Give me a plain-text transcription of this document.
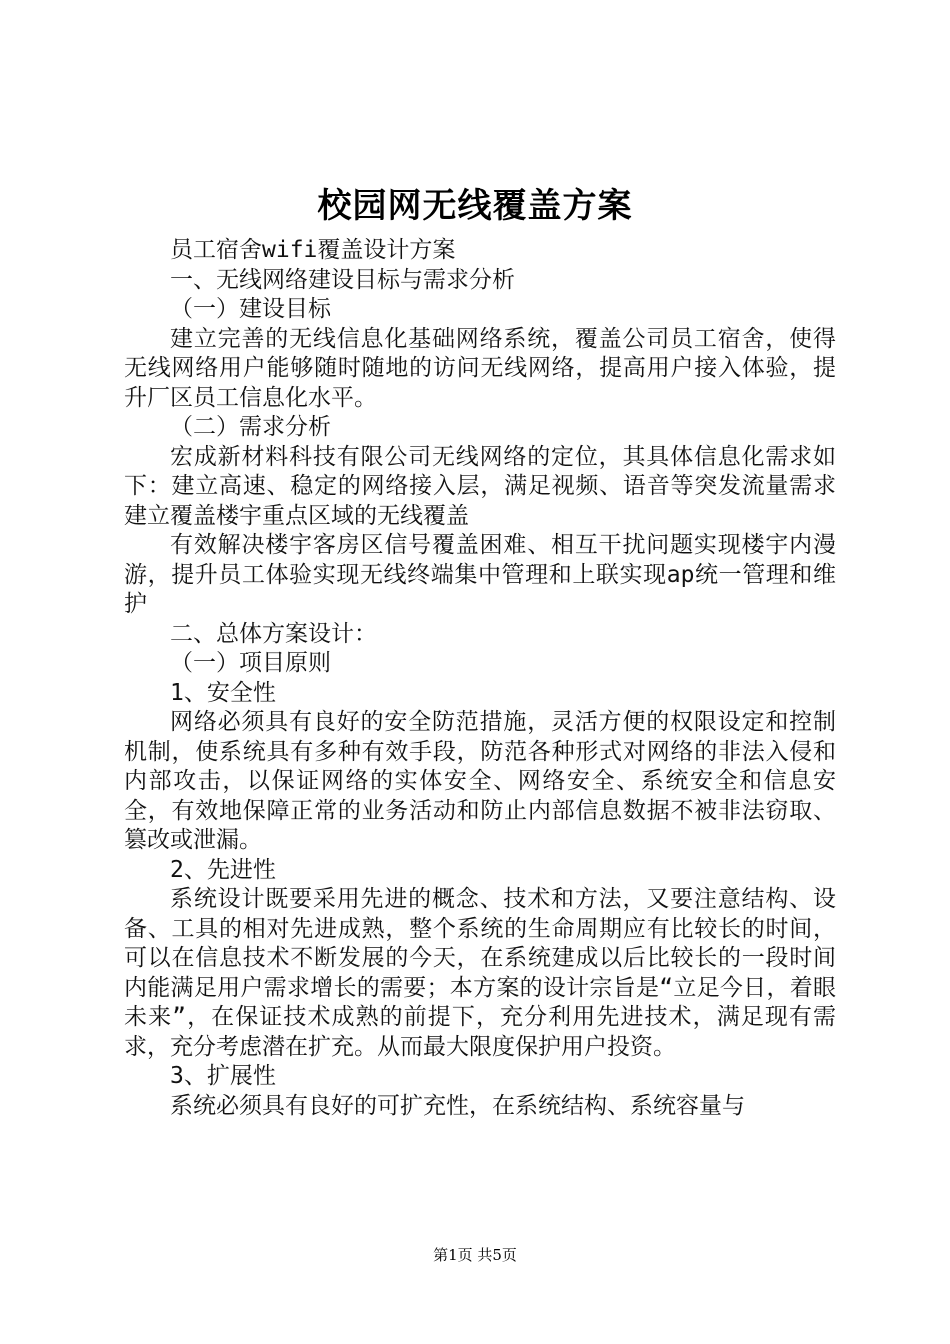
校园网无线覆盖方案

员工宿舍wifi覆盖设计方案

一、无线网络建设目标与需求分析

（一）建设目标

建立完善的无线信息化基础网络系统，覆盖公司员工宿舍，使得无线网络用户能够随时随地的访问无线网络，提高用户接入体验，提升厂区员工信息化水平。

（二）需求分析

宏成新材料科技有限公司无线网络的定位，其具体信息化需求如下：建立高速、稳定的网络接入层，满足视频、语音等突发流量需求建立覆盖楼宇重点区域的无线覆盖

有效解决楼宇客房区信号覆盖困难、相互干扰问题实现楼宇内漫游，提升员工体验实现无线终端集中管理和上联实现ap统一管理和维护

二、总体方案设计：

（一）项目原则

1、安全性

网络必须具有良好的安全防范措施，灵活方便的权限设定和控制机制，使系统具有多种有效手段，防范各种形式对网络的非法入侵和内部攻击，以保证网络的实体安全、网络安全、系统安全和信息安全，有效地保障正常的业务活动和防止内部信息数据不被非法窃取、篡改或泄漏。

2、先进性

系统设计既要采用先进的概念、技术和方法，又要注意结构、设备、工具的相对先进成熟，整个系统的生命周期应有比较长的时间，可以在信息技术不断发展的今天，在系统建成以后比较长的一段时间内能满足用户需求增长的需要；本方案的设计宗旨是“立足今日，着眼未来”，在保证技术成熟的前提下，充分利用先进技术，满足现有需求，充分考虑潜在扩充。从而最大限度保护用户投资。

3、扩展性

系统必须具有良好的可扩充性，在系统结构、系统容量与

第1页 共5页
